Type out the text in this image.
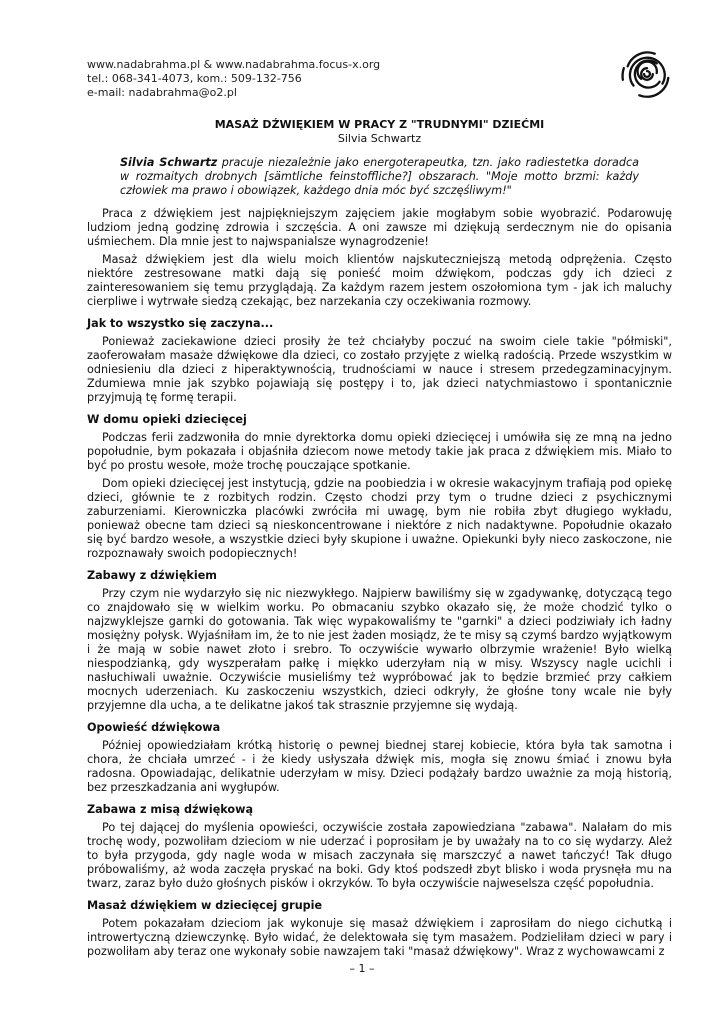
www.nadabrahma.pl & www.nadabrahma.focus-x.org
tel.: 068-341-4073, kom.: 509-132-756
e-mail: nadabrahma@o2.pl

MASAŻ DŹWIĘKIEM W PRACY Z "TRUDNYMI" DZIEĆMI

Silvia Schwartz

Silvia Schwartz pracuje niezależnie jako energoterapeutka, tzn. jako radiestetka doradca w rozmaitych drobnych [sämtliche feinstoffliche?] obszarach. "Moje motto brzmi: każdy człowiek ma prawo i obowiązek, każdego dnia móc być szczęśliwym!"

Praca z dźwiękiem jest najpiękniejszym zajęciem jakie mogłabym sobie wyobrazić. Podarowuję ludziom jedną godzinę zdrowia i szczęścia. A oni zawsze mi dziękują serdecznym nie do opisania uśmiechem. Dla mnie jest to najwspanialsze wynagrodzenie!

Masaż dźwiękiem jest dla wielu moich klientów najskuteczniejszą metodą odprężenia. Często niektóre zestresowane matki dają się ponieść moim dźwiękom, podczas gdy ich dzieci z zainteresowaniem się temu przyglądają. Za każdym razem jestem oszołomiona tym - jak ich maluchy cierpliwe i wytrwałe siedzą czekając, bez narzekania czy oczekiwania rozmowy.

Jak to wszystko się zaczyna...

Ponieważ zaciekawione dzieci prosiły że też chciałyby poczuć na swoim ciele takie "półmiski", zaoferowałam masaże dźwiękowe dla dzieci, co zostało przyjęte z wielką radością. Przede wszystkim w odniesieniu dla dzieci z hiperaktywnością, trudnościami w nauce i stresem przedegzaminacyjnym. Zdumiewa mnie jak szybko pojawiają się postępy i to, jak dzieci natychmiastowo i spontanicznie przyjmują tę formę terapii.

W domu opieki dziecięcej

Podczas ferii zadzwoniła do mnie dyrektorka domu opieki dziecięcej i umówiła się ze mną na jedno popołudnie, bym pokazała i objaśniła dziecom nowe metody takie jak praca z dźwiękiem mis. Miało to być po prostu wesołe, może trochę pouczające spotkanie.

Dom opieki dziecięcej jest instytucją, gdzie na poobiedzia i w okresie wakacyjnym trafiają pod opiekę dzieci, głównie te z rozbitych rodzin. Często chodzi przy tym o trudne dzieci z psychicznymi zaburzeniami. Kierowniczka placówki zwróciła mi uwagę, bym nie robiła zbyt długiego wykładu, ponieważ obecne tam dzieci są nieskoncentrowane i niektóre z nich nadaktywne. Popołudnie okazało się być bardzo wesołe, a wszystkie dzieci były skupione i uważne. Opiekunki były nieco zaskoczone, nie rozpoznawały swoich podopiecznych!

Zabawy z dźwiękiem

Przy czym nie wydarzyło się nic niezwykłego. Najpierw bawiliśmy się w zgadywankę, dotyczącą tego co znajdowało się w wielkim worku. Po obmacaniu szybko okazało się, że może chodzić tylko o najzwyklejsze garnki do gotowania. Tak więc wypakowaliśmy te "garnki" a dzieci podziwiały ich ładny mosiężny połysk. Wyjaśniłam im, że to nie jest żaden mosiądz, że te misy są czymś bardzo wyjątkowym i że mają w sobie nawet złoto i srebro. To oczywiście wywarło olbrzymie wrażenie! Było wielką niespodzianką, gdy wyszperałam pałkę i miękko uderzyłam nią w misy. Wszyscy nagle ucichli i nasłuchiwali uważnie. Oczywiście musieliśmy też wypróbować jak to będzie brzmieć przy całkiem mocnych uderzeniach. Ku zaskoczeniu wszystkich, dzieci odkryły, że głośne tony wcale nie były przyjemne dla ucha, a te delikatne jakoś tak strasznie przyjemne się wydają.

Opowieść dźwiękowa

Później opowiedziałam krótką historię o pewnej biednej starej kobiecie, która była tak samotna i chora, że chciała umrzeć - i że kiedy usłyszała dźwięk mis, mogła się znowu śmiać i znowu była radosna. Opowiadając, delikatnie uderzyłam w misy. Dzieci podążały bardzo uważnie za moją historią, bez przeszkadzania ani wygłupów.

Zabawa z misą dźwiękową

Po tej dającej do myślenia opowieści, oczywiście została zapowiedziana "zabawa". Nalałam do mis trochę wody, pozwoliłam dzieciom w nie uderzać i poprosiłam je by uważały na to co się wydarzy. Ależ to była przygoda, gdy nagle woda w misach zaczynała się marszczyć a nawet tańczyć! Tak długo próbowaliśmy, aż woda zaczęła pryskać na boki. Gdy ktoś podszedł zbyt blisko i woda prysnęła mu na twarz, zaraz było dużo głośnych pisków i okrzyków. To była oczywiście najweselsza część popołudnia.

Masaż dźwiękiem w dziecięcej grupie

Potem pokazałam dzieciom jak wykonuje się masaż dźwiękiem i zaprosiłam do niego cichutką i introwertyczną dziewczynkę. Było widać, że delektowała się tym masażem. Podzieliłam dzieci w pary i pozwoliłam aby teraz one wykonały sobie nawzajem taki "masaż dźwiękowy". Wraz z wychowawcami z

– 1 –
